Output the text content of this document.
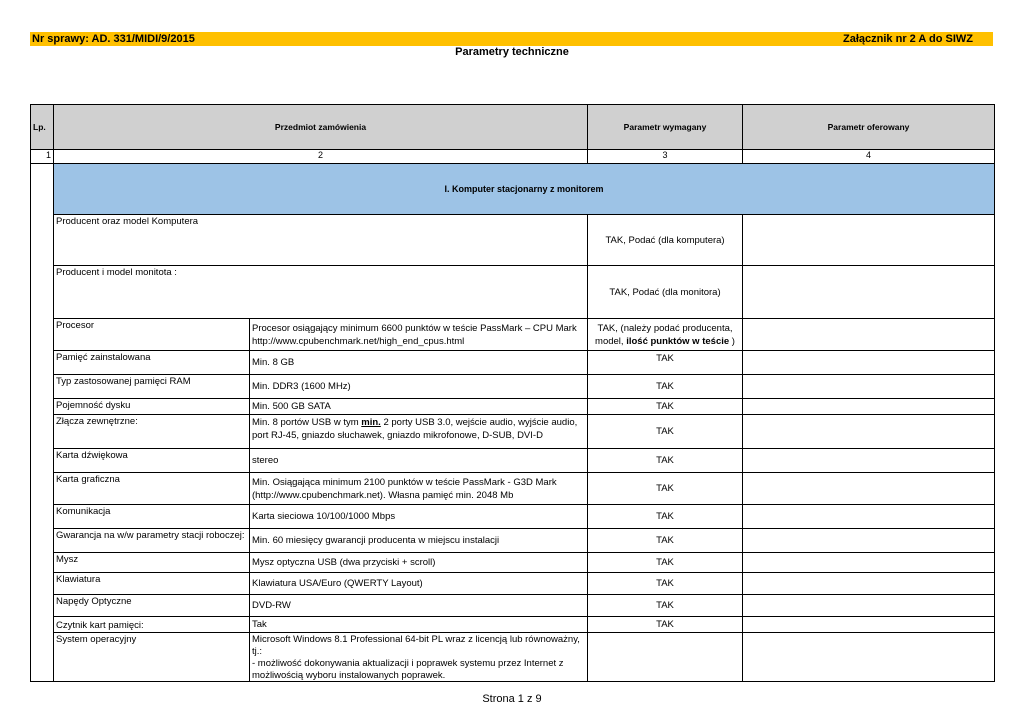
Nr sprawy: AD. 331/MIDI/9/2015	Załącznik nr 2 A do SIWZ
Parametry techniczne
Lp.	Przedmiot zamówienia		Parametr wymagany	Parametr oferowany
1	2		3	4
	I. Komputer stacjonarny z monitorem			
	Producent oraz model Komputera		TAK, Podać (dla komputera)	
	Producent i model monitota :		TAK, Podać (dla monitora)	
	Procesor	Procesor osiągający minimum 6600 punktów w teście PassMark – CPU Mark http://www.cpubenchmark.net/high_end_cpus.html	TAK, (należy podać producenta, model, ilość punktów w teście )	
	Pamięć zainstalowana	Min. 8 GB	TAK	
	Typ zastosowanej pamięci RAM	Min. DDR3 (1600 MHz)	TAK	
	Pojemność dysku	Min. 500 GB SATA	TAK	
	Złącza zewnętrzne:	Min. 8 portów USB w tym min. 2 porty USB 3.0, wejście audio, wyjście audio, port RJ-45, gniazdo słuchawek, gniazdo mikrofonowe, D-SUB, DVI-D	TAK	
	Karta dźwiękowa	stereo	TAK	
	Karta graficzna	Min. Osiągająca minimum 2100 punktów w teście PassMark - G3D Mark (http://www.cpubenchmark.net). Własna pamięć min. 2048 Mb	TAK	
	Komunikacja	Karta sieciowa 10/100/1000 Mbps	TAK	
	Gwarancja na w/w parametry stacji roboczej:	Min. 60 miesięcy gwarancji producenta w miejscu instalacji	TAK	
	Mysz	Mysz optyczna USB (dwa przyciski + scroll)	TAK	
	Klawiatura	Klawiatura USA/Euro (QWERTY Layout)	TAK	
	Napędy Optyczne	DVD-RW	TAK	
	Czytnik kart pamięci:	Tak	TAK	
	System operacyjny	Microsoft Windows 8.1 Professional 64-bit PL wraz z licencją lub równoważny, tj.:
- możliwość dokonywania aktualizacji i poprawek systemu przez Internet z możliwością wyboru instalowanych poprawek.		

Strona 1 z 9
